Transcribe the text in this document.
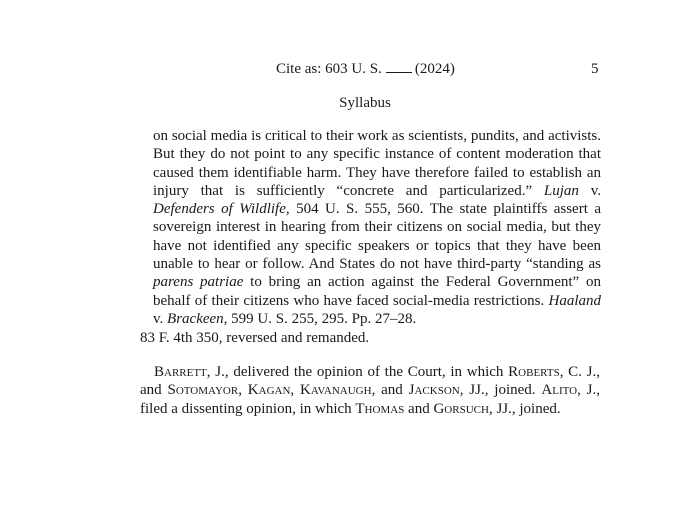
Cite as: 603 U. S. (2024)	5
Syllabus
on social media is critical to their work as scientists, pundits, and activists. But they do not point to any specific instance of content moderation that caused them identifiable harm. They have therefore failed to establish an injury that is sufficiently “concrete and particularized.” Lujan v. Defenders of Wildlife, 504 U. S. 555, 560. The state plaintiffs assert a sovereign interest in hearing from their citizens on social media, but they have not identified any specific speakers or topics that they have been unable to hear or follow. And States do not have third-party “standing as parens patriae to bring an action against the Federal Government” on behalf of their citizens who have faced social-media restrictions. Haaland v. Brackeen, 599 U. S. 255, 295. Pp. 27–28.
83 F. 4th 350, reversed and remanded.
Barrett, J., delivered the opinion of the Court, in which Roberts, C. J., and Sotomayor, Kagan, Kavanaugh, and Jackson, JJ., joined. Alito, J., filed a dissenting opinion, in which Thomas and Gorsuch, JJ., joined.
